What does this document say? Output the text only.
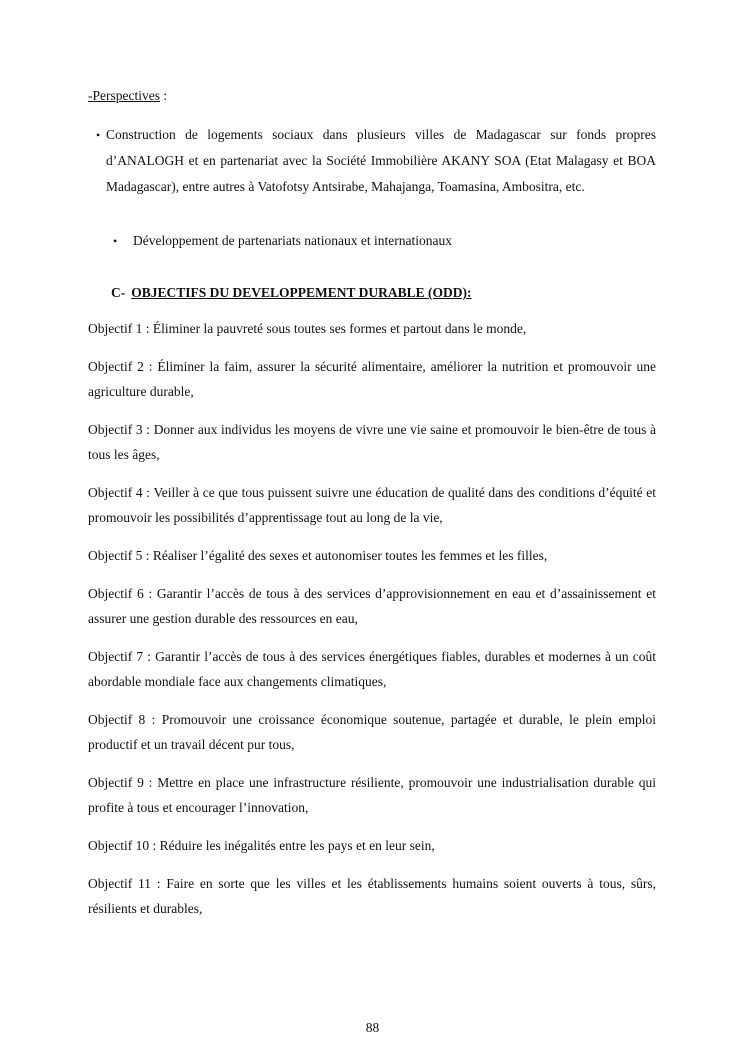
-Perspectives :
• Construction de logements sociaux dans plusieurs villes de Madagascar sur fonds propres d’ANALOGH et en partenariat avec la Société Immobilière AKANY SOA (Etat Malagasy et BOA Madagascar), entre autres à Vatofotsy Antsirabe, Mahajanga, Toamasina, Ambositra, etc.
•	Développement de partenariats nationaux et internationaux
C- OBJECTIFS DU DEVELOPPEMENT DURABLE (ODD):

Objectif 1 : Éliminer la pauvreté sous toutes ses formes et partout dans le monde,

Objectif 2 : Éliminer la faim, assurer la sécurité alimentaire, améliorer la nutrition et promouvoir une agriculture durable,

Objectif 3 : Donner aux individus les moyens de vivre une vie saine et promouvoir le bien-être de tous à tous les âges,

Objectif 4 : Veiller à ce que tous puissent suivre une éducation de qualité dans des conditions d’équité et promouvoir les possibilités d’apprentissage tout au long de la vie,

Objectif 5 : Réaliser l’égalité des sexes et autonomiser toutes les femmes et les filles,

Objectif 6 : Garantir l’accès de tous à des services d’approvisionnement en eau et d’assainissement et assurer une gestion durable des ressources en eau,

Objectif 7 : Garantir l’accès de tous à des services énergétiques fiables, durables et modernes à un coût abordable mondiale face aux changements climatiques,

Objectif 8 : Promouvoir une croissance économique soutenue, partagée et durable, le plein emploi productif et un travail décent pur tous,

Objectif 9 : Mettre en place une infrastructure résiliente, promouvoir une industrialisation durable qui profite à tous et encourager l’innovation,

Objectif 10 : Réduire les inégalités entre les pays et en leur sein,

Objectif 11 : Faire en sorte que les villes et les établissements humains soient ouverts à tous, sûrs, résilients et durables,

88
